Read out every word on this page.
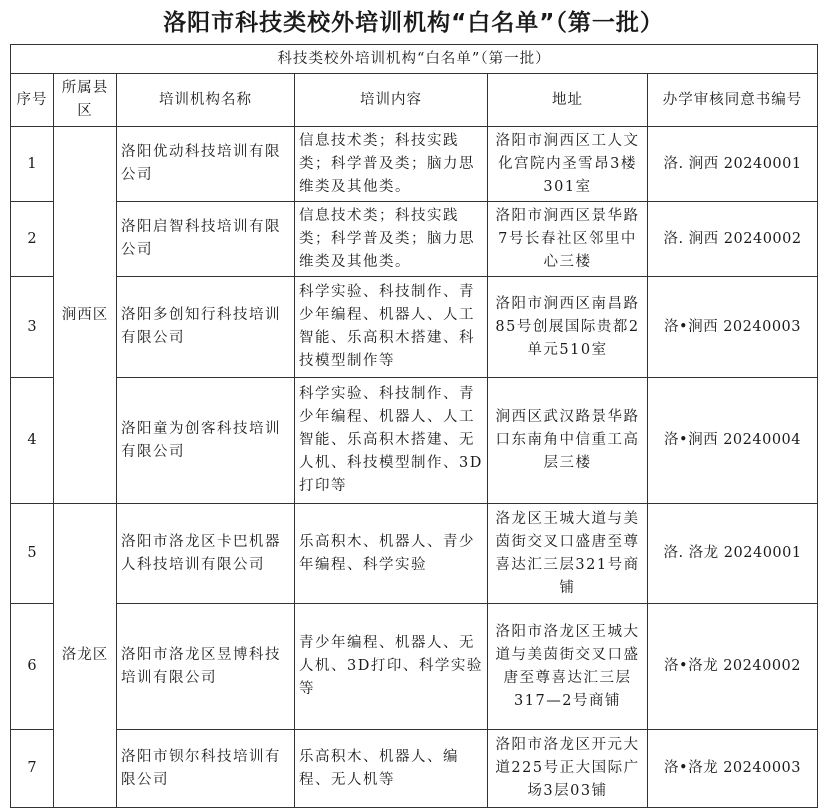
洛阳市科技类校外培训机构“白名单”（第一批）
科技类校外培训机构“白名单”（第一批）					
序号	所属县区	培训机构名称	培训内容	地址	办学审核同意书编号
1	涧西区	洛阳优动科技培训有限公司	信息技术类；科技实践类；科学普及类；脑力思维类及其他类。	洛阳市涧西区工人文化宫院内圣雪昂3楼301室	洛. 涧西 20240001
2		洛阳启智科技培训有限公司	信息技术类；科技实践类；科学普及类；脑力思维类及其他类。	洛阳市涧西区景华路7号长春社区邻里中心三楼	洛. 涧西 20240002
3		洛阳多创知行科技培训有限公司	科学实验、科技制作、青少年编程、机器人、人工智能、乐高积木搭建、科技模型制作等	洛阳市涧西区南昌路85号创展国际贵都2单元510室	洛•涧西 20240003
4		洛阳童为创客科技培训有限公司	科学实验、科技制作、青少年编程、机器人、人工智能、乐高积木搭建、无人机、科技模型制作、3D打印等	涧西区武汉路景华路口东南角中信重工高层三楼	洛•涧西 20240004
5	洛龙区	洛阳市洛龙区卡巴机器人科技培训有限公司	乐高积木、机器人、青少年编程、科学实验	洛龙区王城大道与美茵街交叉口盛唐至尊喜达汇三层321号商铺	洛. 洛龙 20240001
6		洛阳市洛龙区昱博科技培训有限公司	青少年编程、机器人、无人机、3D打印、科学实验等	洛阳市洛龙区王城大道与美茵街交叉口盛唐至尊喜达汇三层317—2号商铺	洛•洛龙 20240002
7		洛阳市钡尔科技培训有限公司	乐高积木、机器人、编程、无人机等	洛阳市洛龙区开元大道225号正大国际广场3层03铺	洛•洛龙 20240003
